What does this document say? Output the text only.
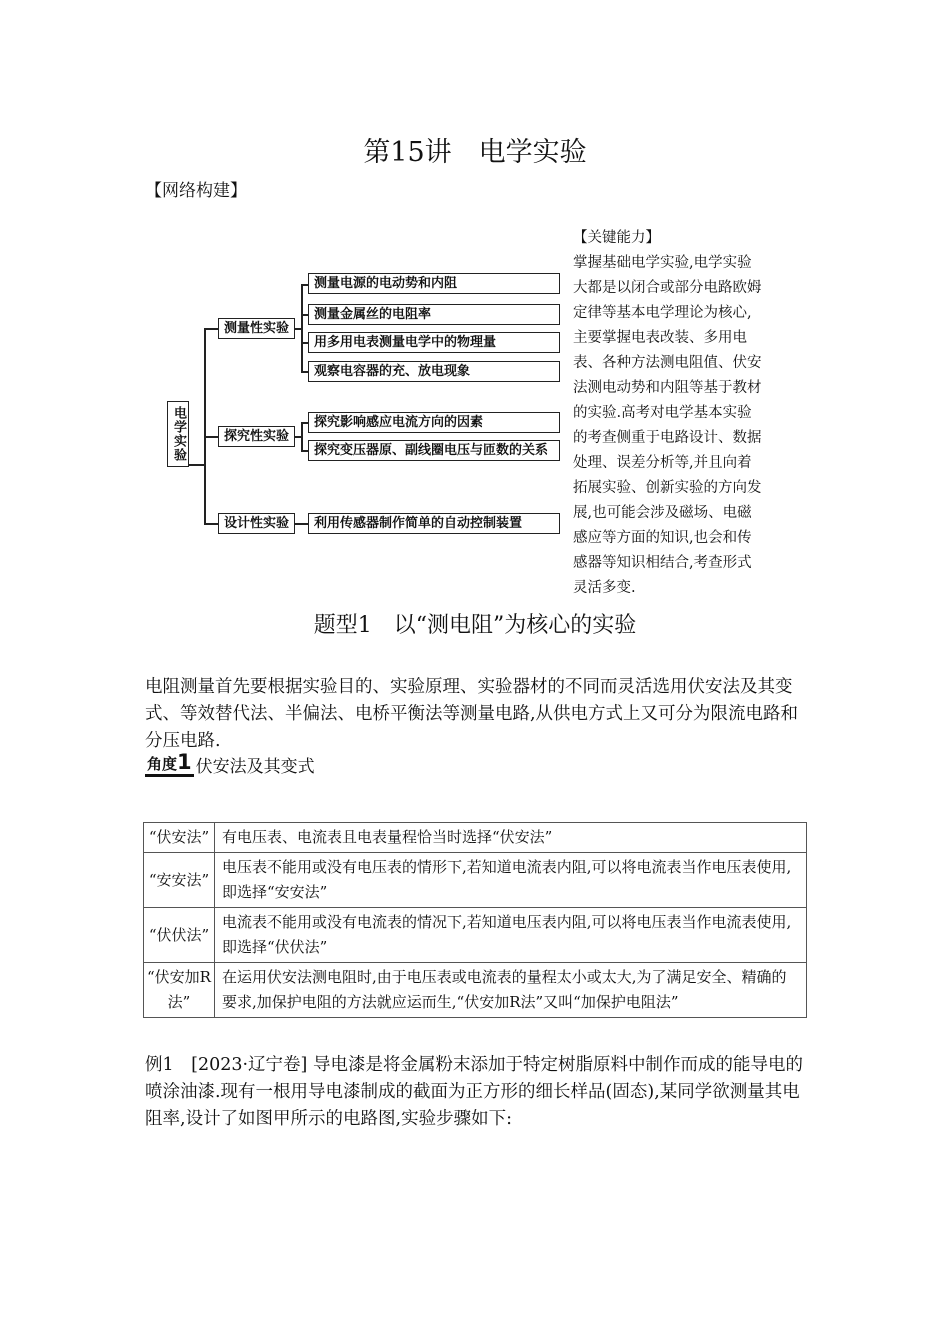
第15讲　电学实验
【网络构建】
【关键能力】
掌握基础电学实验,电学实验
大都是以闭合或部分电路欧姆
定律等基本电学理论为核心,
主要掌握电表改装、多用电
表、各种方法测电阻值、伏安
法测电动势和内阻等基于教材
的实验.高考对电学基本实验
的考查侧重于电路设计、数据
处理、误差分析等,并且向着
拓展实验、创新实验的方向发
展,也可能会涉及磁场、电磁
感应等方面的知识,也会和传
感器等知识相结合,考查形式
灵活多变.
电学实验
测量性实验
探究性实验
设计性实验
测量电源的电动势和内阻
测量金属丝的电阻率
用多用电表测量电学中的物理量
观察电容器的充、放电现象
探究影响感应电流方向的因素
探究变压器原、副线圈电压与匝数的关系
利用传感器制作简单的自动控制装置
题型1　以“测电阻”为核心的实验
电阻测量首先要根据实验目的、实验原理、实验器材的不同而灵活选用伏安法及其变式、等效替代法、半偏法、电桥平衡法等测量电路,从供电方式上又可分为限流电路和分压电路.
角度1 伏安法及其变式
“伏安法”	有电压表、电流表且电表量程恰当时选择“伏安法”
“安安法”	电压表不能用或没有电压表的情形下,若知道电流表内阻,可以将电流表当作电压表使用,即选择“安安法”
“伏伏法”	电流表不能用或没有电流表的情况下,若知道电压表内阻,可以将电压表当作电流表使用,即选择“伏伏法”
“伏安加R法”	在运用伏安法测电阻时,由于电压表或电流表的量程太小或太大,为了满足安全、精确的要求,加保护电阻的方法就应运而生,“伏安加R法”又叫“加保护电阻法”
例1　[2023·辽宁卷] 导电漆是将金属粉末添加于特定树脂原料中制作而成的能导电的喷涂油漆.现有一根用导电漆制成的截面为正方形的细长样品(固态),某同学欲测量其电阻率,设计了如图甲所示的电路图,实验步骤如下:
